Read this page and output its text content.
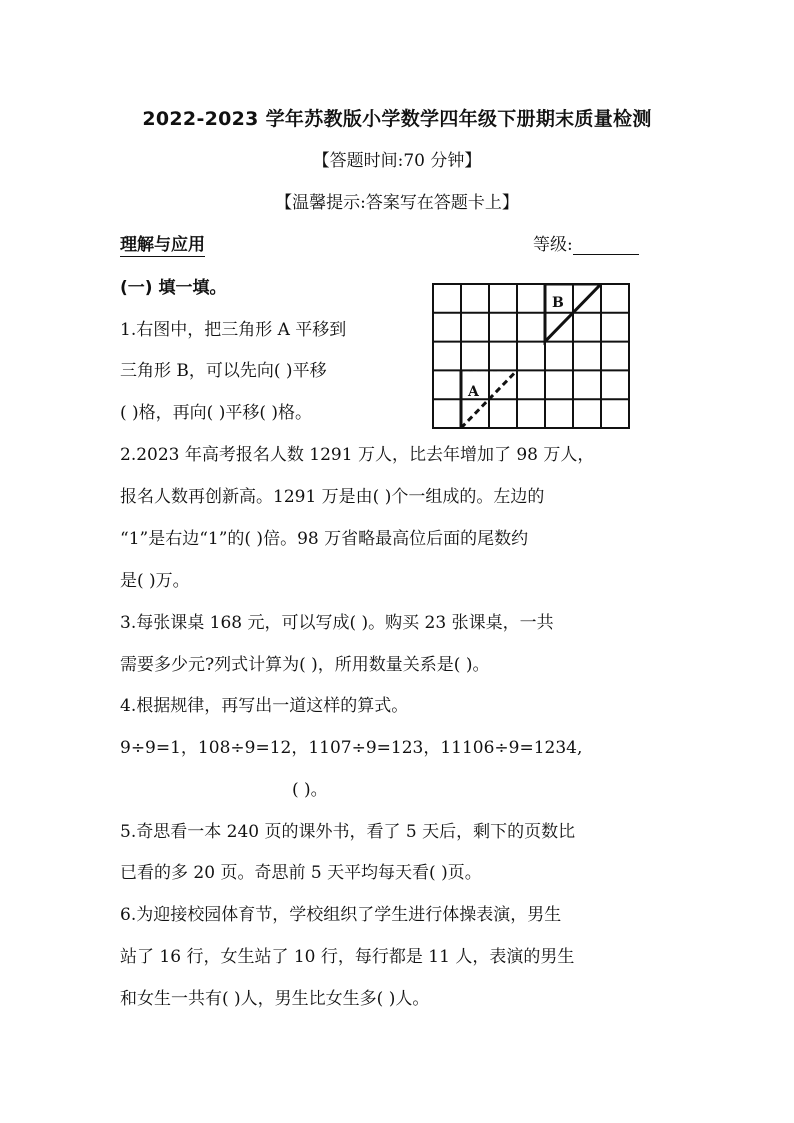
2022-2023 学年苏教版小学数学四年级下册期末质量检测
【答题时间:70 分钟】
【温馨提示:答案写在答题卡上】
理解与应用	等级:
(一) 填一填。
1.右图中，把三角形 A 平移到
三角形 B，可以先向( )平移
( )格，再向( )平移( )格。
B
A
2.2023 年高考报名人数 1291 万人，比去年增加了 98 万人，
报名人数再创新高。1291 万是由( )个一组成的。左边的
“1”是右边“1”的( )倍。98 万省略最高位后面的尾数约
是( )万。
3.每张课桌 168 元，可以写成( )。购买 23 张课桌，一共
需要多少元?列式计算为( )，所用数量关系是( )。
4.根据规律，再写出一道这样的算式。
9÷9=1，108÷9=12，1107÷9=123，11106÷9=1234,
( )。
5.奇思看一本 240 页的课外书，看了 5 天后，剩下的页数比
已看的多 20 页。奇思前 5 天平均每天看( )页。
6.为迎接校园体育节，学校组织了学生进行体操表演，男生
站了 16 行，女生站了 10 行，每行都是 11 人，表演的男生
和女生一共有( )人，男生比女生多( )人。
